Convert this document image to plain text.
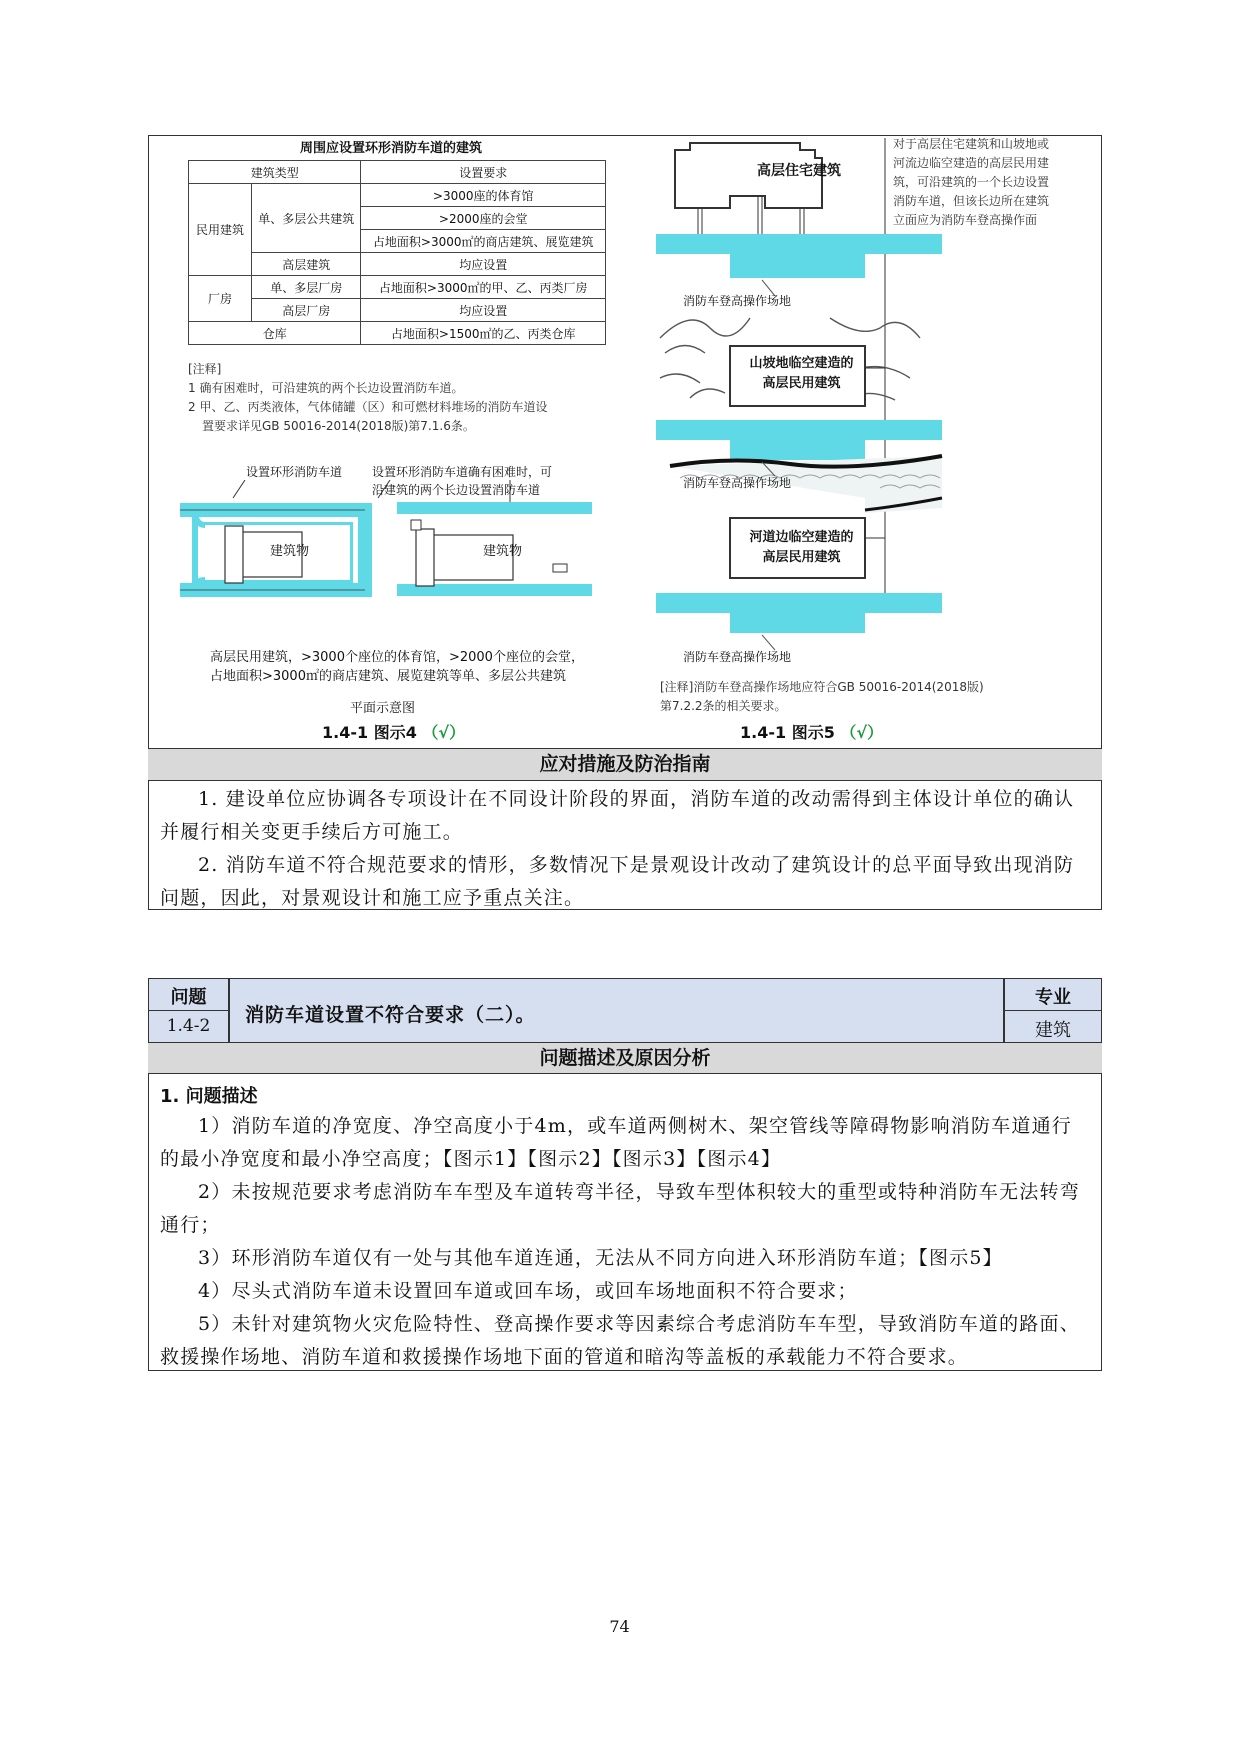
周围应设置环形消防车道的建筑
建筑类型		设置要求
民用建筑	单、多层公共建筑	>3000座的体育馆
		>2000座的会堂
		占地面积>3000㎡的商店建筑、展览建筑
	高层建筑	均应设置
厂房	单、多层厂房	占地面积>3000㎡的甲、乙、丙类厂房
	高层厂房	均应设置
仓库		占地面积>1500㎡的乙、丙类仓库
[注释]
1 确有困难时，可沿建筑的两个长边设置消防车道。
2 甲、乙、丙类液体，气体储罐（区）和可燃材料堆场的消防车道设
置要求详见GB 50016-2014(2018版)第7.1.6条。
设置环形消防车道 设置环形消防车道确有困难时，可
沿建筑的两个长边设置消防车道
建筑物	建筑物
高层民用建筑，>3000个座位的体育馆，>2000个座位的会堂，
占地面积>3000㎡的商店建筑、展览建筑等单、多层公共建筑
平面示意图
1.4-1 图示4 （√）
高层住宅建筑
对于高层住宅建筑和山坡地或
河流边临空建造的高层民用建
筑，可沿建筑的一个长边设置
消防车道，但该长边所在建筑
立面应为消防车登高操作面
消防车登高操作场地
山坡地临空建造的
高层民用建筑
消防车登高操作场地
河道边临空建造的
高层民用建筑
消防车登高操作场地
[注释]消防车登高操作场地应符合GB 50016-2014(2018版)
第7.2.2条的相关要求。
1.4-1 图示5 （√）
应对措施及防治指南

1. 建设单位应协调各专项设计在不同设计阶段的界面，消防车道的改动需得到主体设计单位的确认并履行相关变更手续后方可施工。

2. 消防车道不符合规范要求的情形，多数情况下是景观设计改动了建筑设计的总平面导致出现消防问题，因此，对景观设计和施工应予重点关注。

问题
1.4-2	消防车道设置不符合要求（二）。
专业
建筑
问题描述及原因分析
1. 问题描述

1）消防车道的净宽度、净空高度小于4m，或车道两侧树木、架空管线等障碍物影响消防车道通行的最小净宽度和最小净空高度；【图示1】【图示2】【图示3】【图示4】

2）未按规范要求考虑消防车车型及车道转弯半径，导致车型体积较大的重型或特种消防车无法转弯通行；

3）环形消防车道仅有一处与其他车道连通，无法从不同方向进入环形消防车道；【图示5】

4）尽头式消防车道未设置回车道或回车场，或回车场地面积不符合要求；

5）未针对建筑物火灾危险特性、登高操作要求等因素综合考虑消防车车型，导致消防车道的路面、救援操作场地、消防车道和救援操作场地下面的管道和暗沟等盖板的承载能力不符合要求。

74
